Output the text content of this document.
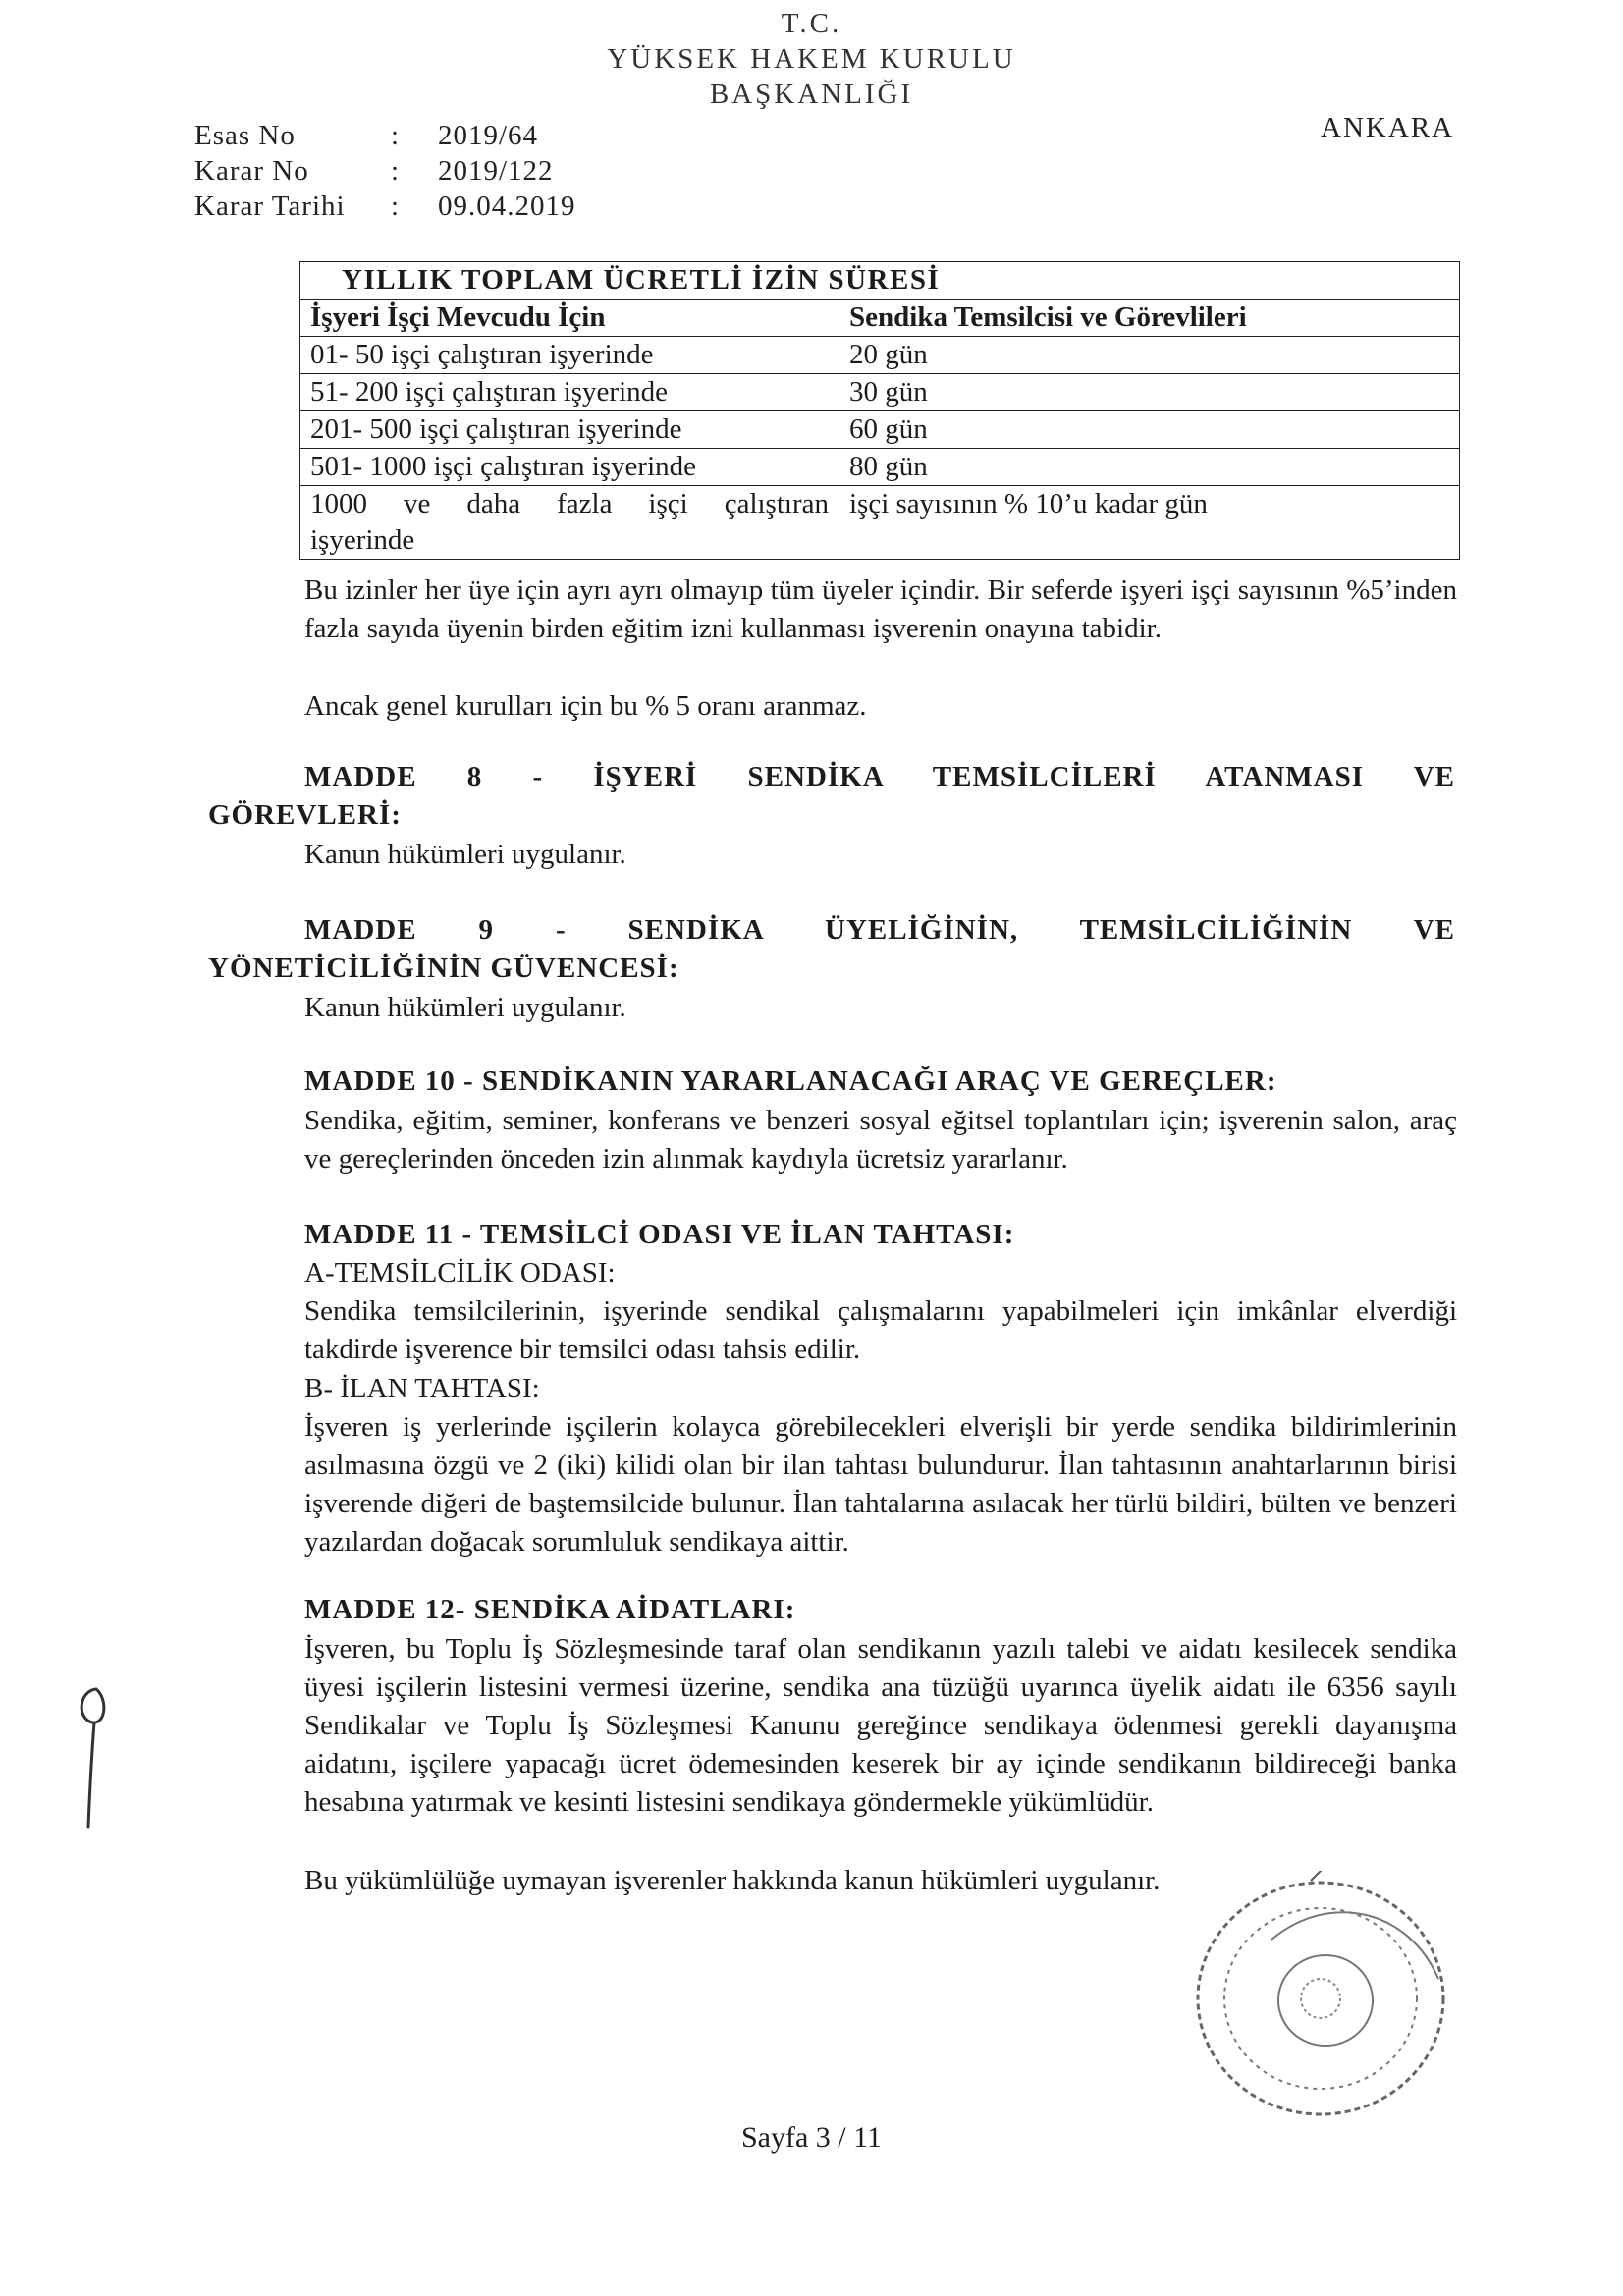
T.C.
YÜKSEK HAKEM KURULU
BAŞKANLIĞI
ANKARA
Esas No	: 2019/64
Karar No	: 2019/122
Karar Tarihi : 09.04.2019
YILLIK TOPLAM ÜCRETLİ İZİN SÜRESİ	
İşyeri İşçi Mevcudu İçin	Sendika Temsilcisi ve Görevlileri
01- 50 işçi çalıştıran işyerinde	20 gün
51- 200 işçi çalıştıran işyerinde	30 gün
201- 500 işçi çalıştıran işyerinde	60 gün
501- 1000 işçi çalıştıran işyerinde	80 gün

1000 ve daha fazla işçi çalıştıran
işyerinde	işçi sayısının % 10’u kadar gün
Bu izinler her üye için ayrı ayrı olmayıp tüm üyeler içindir. Bir seferde işyeri işçi sayısının %5’inden fazla sayıda üyenin birden eğitim izni kullanması işverenin onayına tabidir.
Ancak genel kurulları için bu % 5 oranı aranmaz.
MADDE 8 - İŞYERİ SENDİKA TEMSİLCİLERİ ATANMASI VE
GÖREVLERİ:
Kanun hükümleri uygulanır.
MADDE 9 - SENDİKA ÜYELİĞİNİN, TEMSİLCİLİĞİNİN VE
YÖNETİCİLİĞİNİN GÜVENCESİ:
Kanun hükümleri uygulanır.
MADDE 10 - SENDİKANIN YARARLANACAĞI ARAÇ VE GEREÇLER:
Sendika, eğitim, seminer, konferans ve benzeri sosyal eğitsel toplantıları için; işverenin salon, araç ve gereçlerinden önceden izin alınmak kaydıyla ücretsiz yararlanır.
MADDE 11 - TEMSİLCİ ODASI VE İLAN TAHTASI:
A-TEMSİLCİLİK ODASI:
Sendika temsilcilerinin, işyerinde sendikal çalışmalarını yapabilmeleri için imkânlar elverdiği takdirde işverence bir temsilci odası tahsis edilir.
B- İLAN TAHTASI:
İşveren iş yerlerinde işçilerin kolayca görebilecekleri elverişli bir yerde sendika bildirimlerinin asılmasına özgü ve 2 (iki) kilidi olan bir ilan tahtası bulundurur. İlan tahtasının anahtarlarının birisi işverende diğeri de baştemsilcide bulunur. İlan tahtalarına asılacak her türlü bildiri, bülten ve benzeri yazılardan doğacak sorumluluk sendikaya aittir.
MADDE 12- SENDİKA AİDATLARI:
İşveren, bu Toplu İş Sözleşmesinde taraf olan sendikanın yazılı talebi ve aidatı kesilecek sendika üyesi işçilerin listesini vermesi üzerine, sendika ana tüzüğü uyarınca üyelik aidatı ile 6356 sayılı Sendikalar ve Toplu İş Sözleşmesi Kanunu gereğince sendikaya ödenmesi gerekli dayanışma aidatını, işçilere yapacağı ücret ödemesinden keserek bir ay içinde sendikanın bildireceği banka hesabına yatırmak ve kesinti listesini sendikaya göndermekle yükümlüdür.
Bu yükümlülüğe uymayan işverenler hakkında kanun hükümleri uygulanır.
Sayfa 3 / 11
